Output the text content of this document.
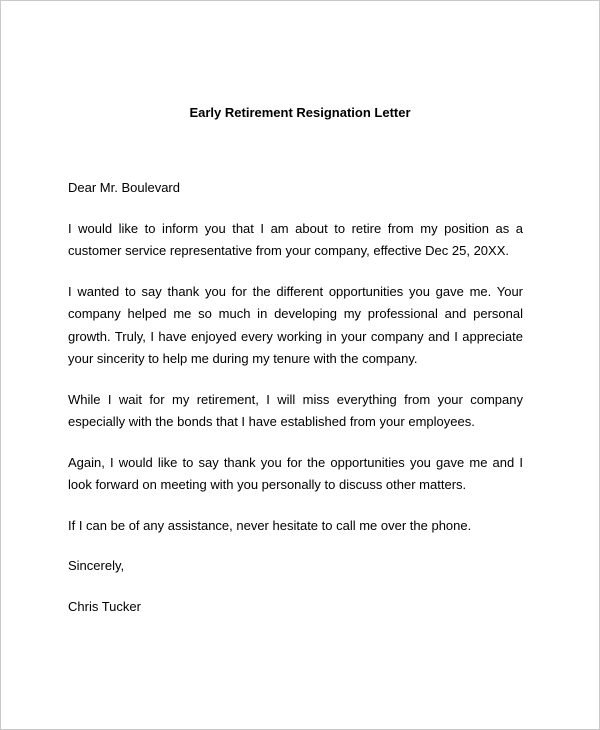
Early Retirement Resignation Letter

Dear Mr. Boulevard

I would like to inform you that I am about to retire from my position as a customer service representative from your company, effective Dec 25, 20XX.

I wanted to say thank you for the different opportunities you gave me. Your company helped me so much in developing my professional and personal growth. Truly, I have enjoyed every working in your company and I appreciate your sincerity to help me during my tenure with the company.

While I wait for my retirement, I will miss everything from your company especially with the bonds that I have established from your employees.

Again, I would like to say thank you for the opportunities you gave me and I look forward on meeting with you personally to discuss other matters.

If I can be of any assistance, never hesitate to call me over the phone.

Sincerely,

Chris Tucker
